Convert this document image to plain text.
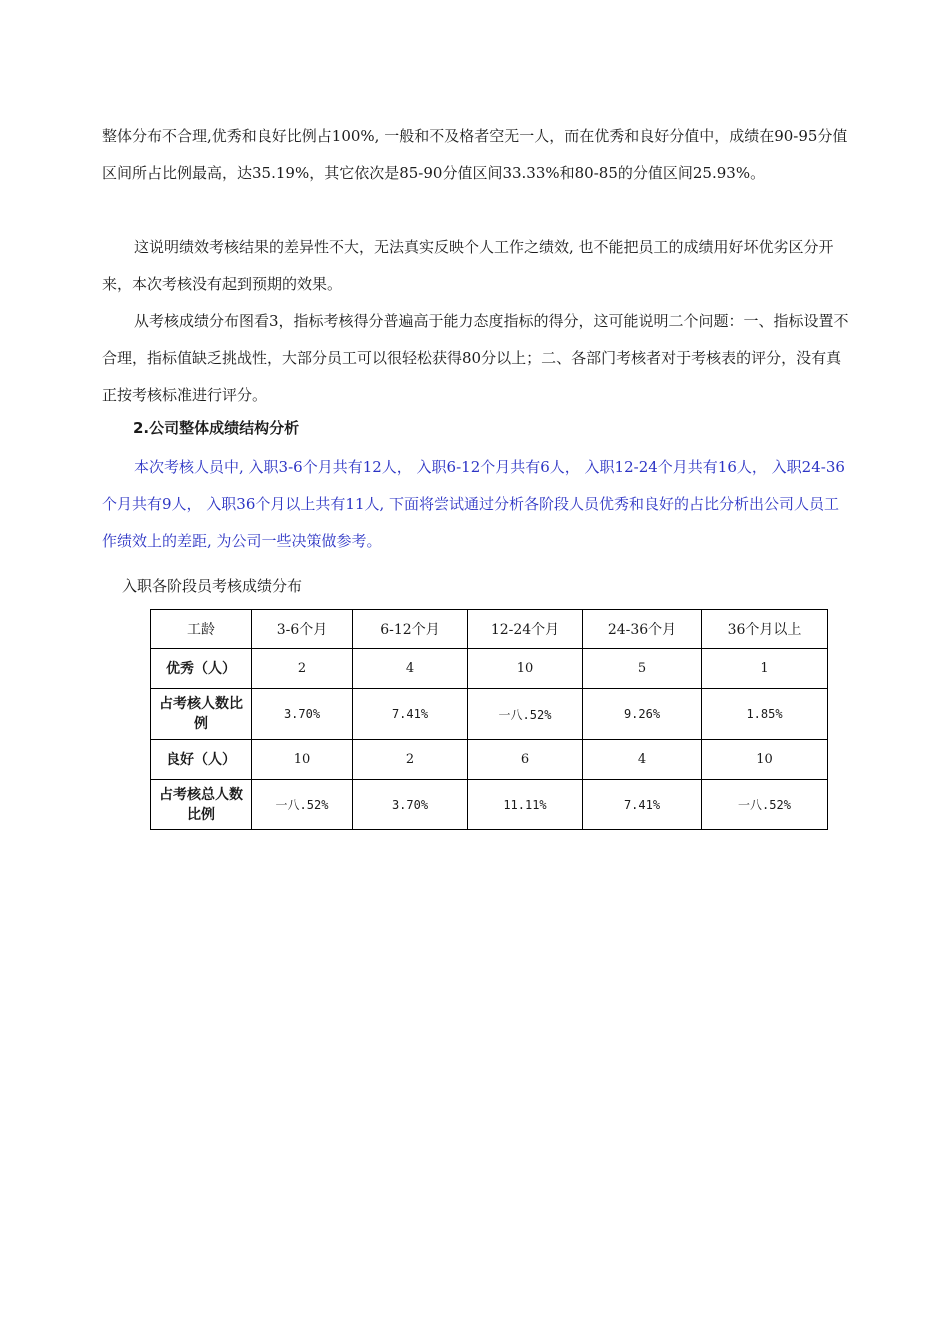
整体分布不合理,优秀和良好比例占100%, 一般和不及格者空无一人，而在优秀和良好分值中，成绩在90-95分值区间所占比例最高，达35.19%，其它依次是85-90分值区间33.33%和80-85的分值区间25.93%。

这说明绩效考核结果的差异性不大，无法真实反映个人工作之绩效, 也不能把员工的成绩用好坏优劣区分开来，本次考核没有起到预期的效果。

从考核成绩分布图看3，指标考核得分普遍高于能力态度指标的得分，这可能说明二个问题：一、指标设置不合理，指标值缺乏挑战性，大部分员工可以很轻松获得80分以上；二、各部门考核者对于考核表的评分，没有真正按考核标准进行评分。

2.公司整体成绩结构分析

本次考核人员中, 入职3-6个月共有12人， 入职6-12个月共有6人， 入职12-24个月共有16人， 入职24-36个月共有9人， 入职36个月以上共有11人, 下面将尝试通过分析各阶段人员优秀和良好的占比分析出公司人员工作绩效上的差距, 为公司一些决策做参考。

入职各阶段员考核成绩分布
工龄	3-6个月	6-12个月	12-24个月	24-36个月	36个月以上
优秀（人）	2	4	10	5	1
占考核人数比例	3.70%	7.41%	一八.52%	9.26%	1.85%
良好（人）	10	2	6	4	10
占考核总人数比例	一八.52%	3.70%	11.11%	7.41%	一八.52%
